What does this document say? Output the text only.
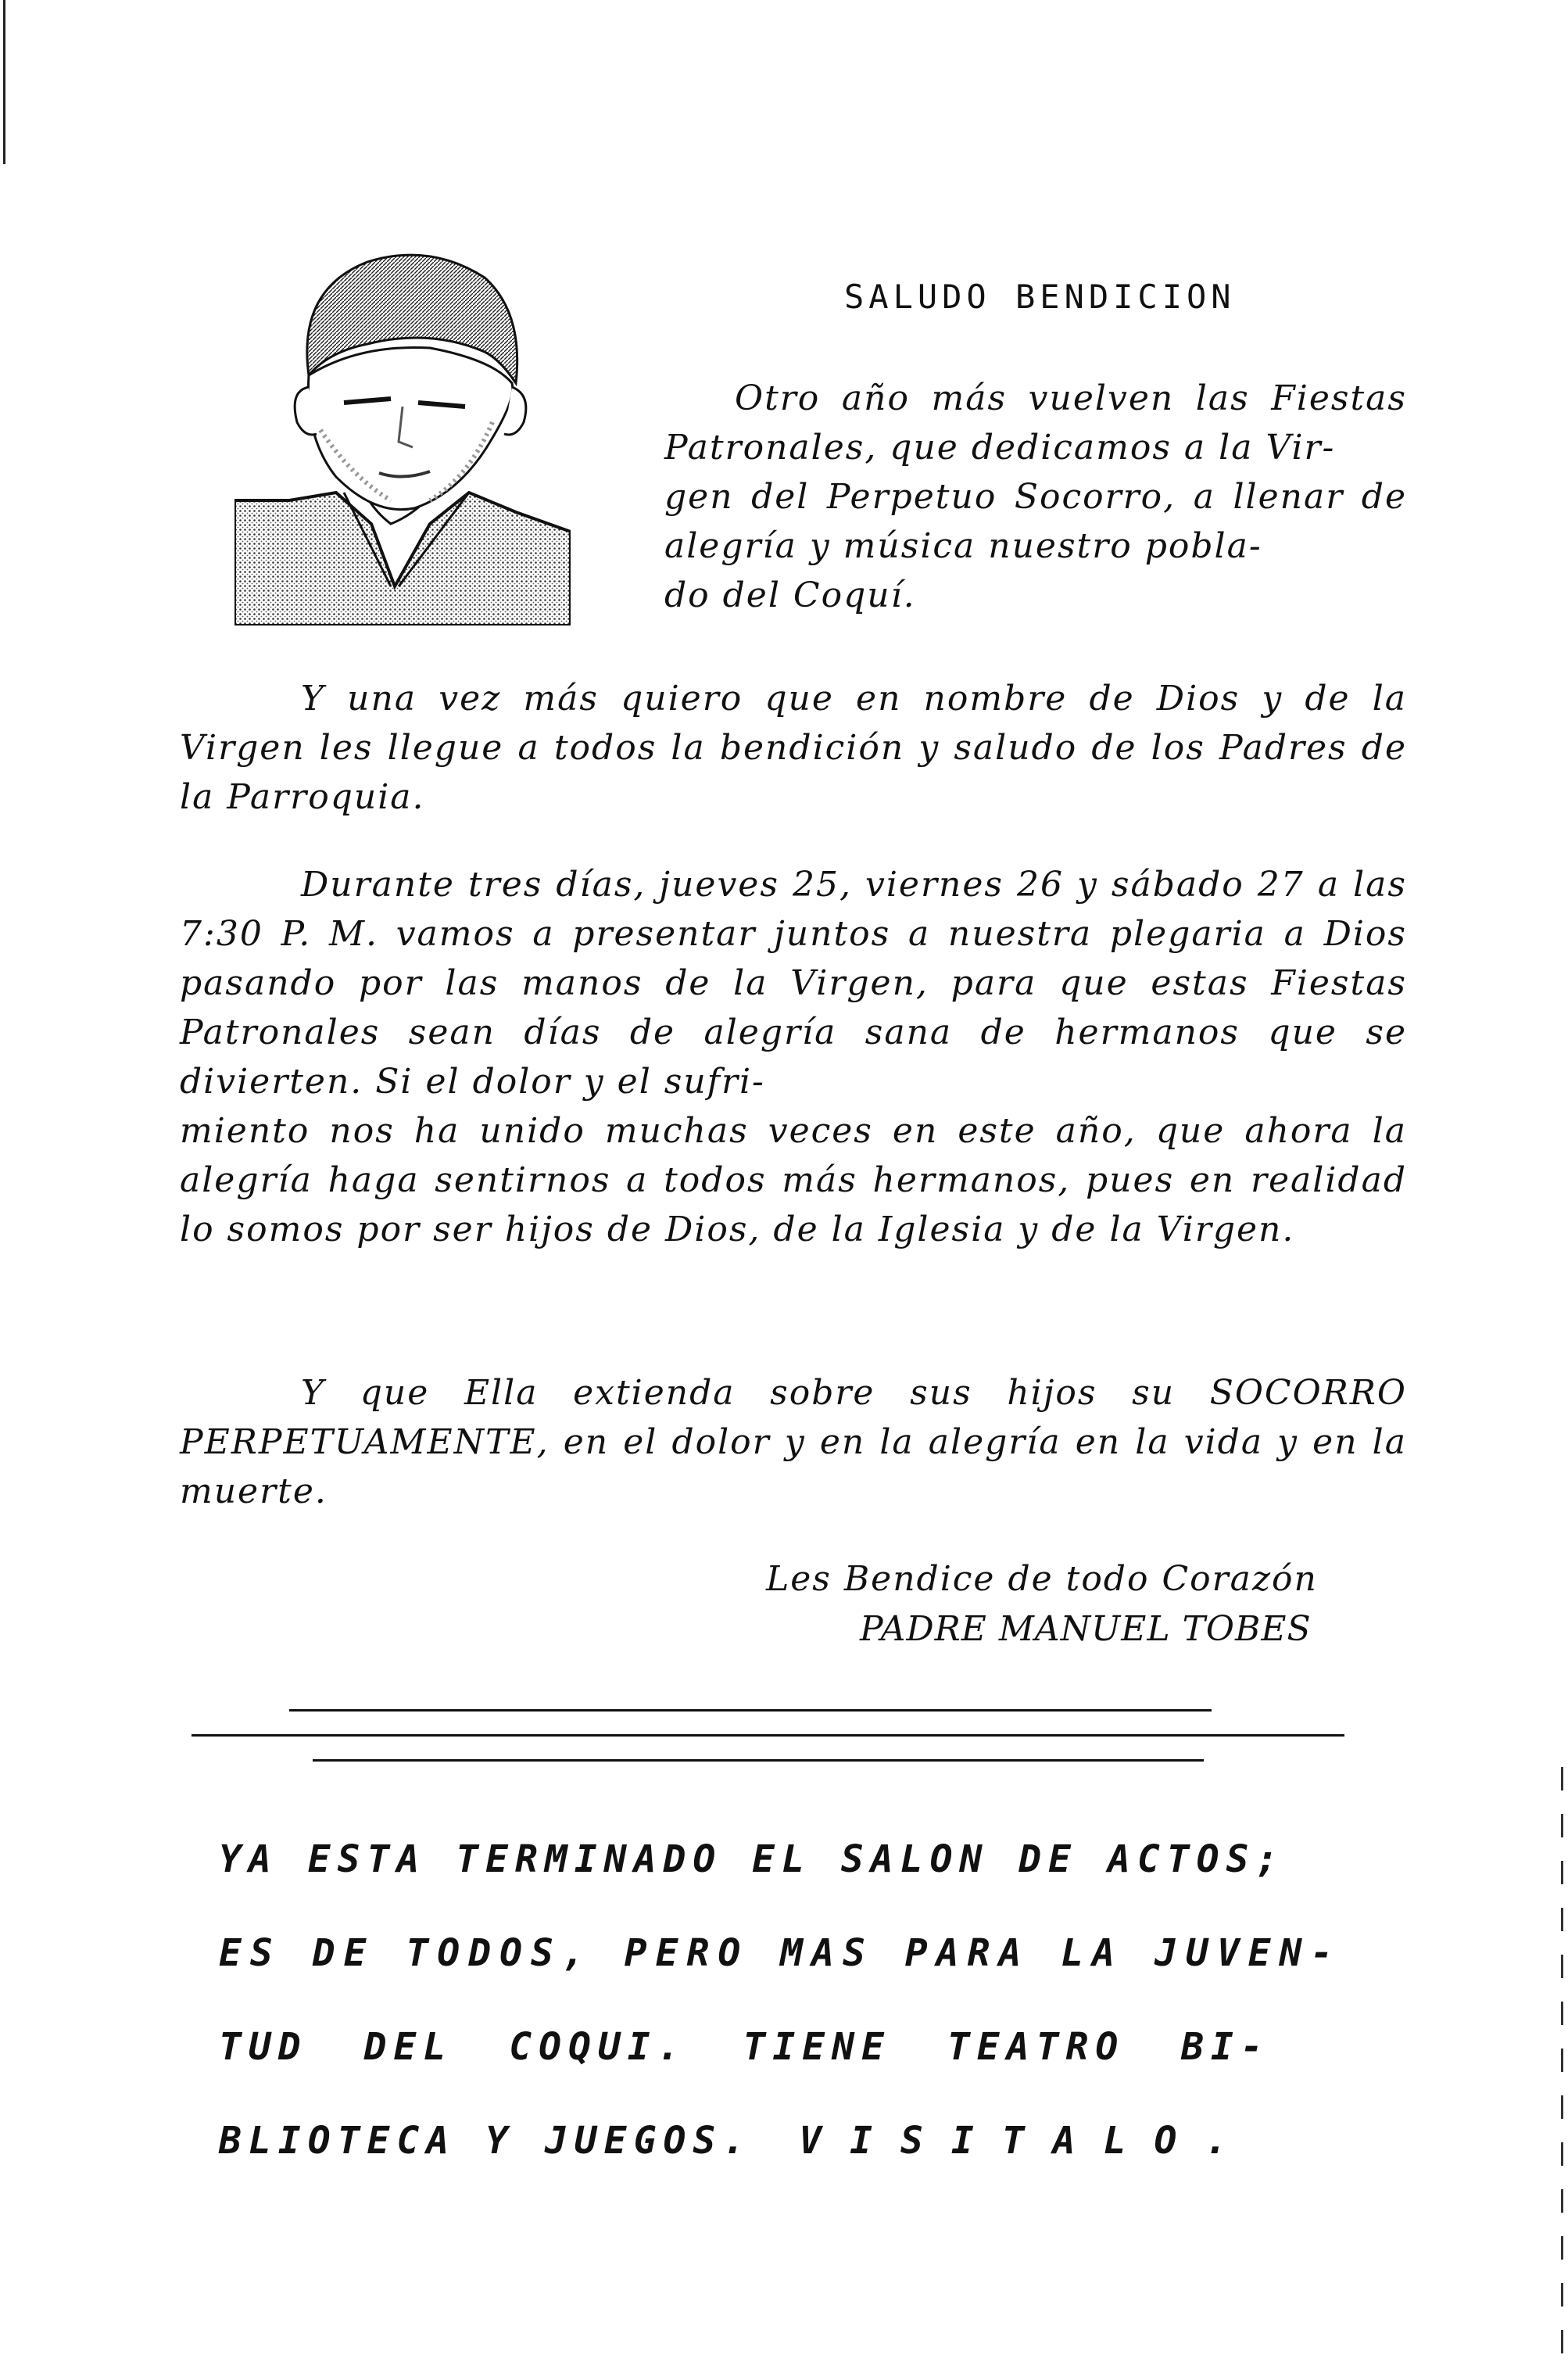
SALUDO BENDICION

Otro año más vuelven las Fiestas Patronales, que dedicamos a la Vir-
gen del Perpetuo Socorro, a llenar de alegría y música nuestro pobla-
do del Coquí.

Y una vez más quiero que en nombre de Dios y de la Virgen les llegue a todos la bendición y saludo de los Padres de la Parroquia.

Durante tres días, jueves 25, viernes 26 y sábado 27 a las 7:30 P. M. vamos a presentar juntos a nuestra plegaria a Dios pasando por las manos de la Virgen, para que estas Fiestas Patronales sean días de alegría sana de hermanos que se divierten. Si el dolor y el sufri-
miento nos ha unido muchas veces en este año, que ahora la alegría haga sentirnos a todos más hermanos, pues en realidad lo somos por ser hijos de Dios, de la Iglesia y de la Virgen.

Y que Ella extienda sobre sus hijos su SOCORRO PERPETUAMENTE, en el dolor y en la alegría en la vida y en la muerte.

Les Bendice de todo Corazón

PADRE MANUEL TOBES

YA ESTA TERMINADO EL SALON DE ACTOS;
ES DE TODOS, PERO MAS PARA LA JUVEN-
TUD DEL COQUI. TIENE TEATRO BI-
BLIOTECA Y JUEGOS. VISITALO.
